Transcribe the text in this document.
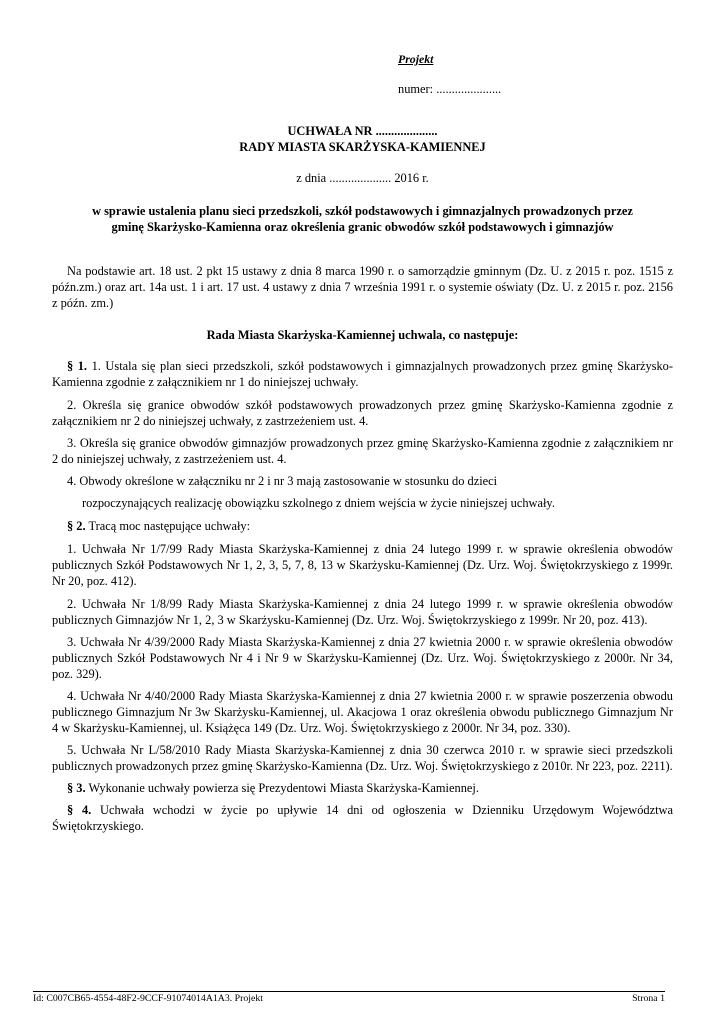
Projekt
numer: .....................
UCHWAŁA NR ....................
RADY MIASTA SKARŻYSKA-KAMIENNEJ
z dnia .................... 2016 r.
w sprawie ustalenia planu sieci przedszkoli, szkół podstawowych i gimnazjalnych prowadzonych przez
gminę Skarżysko-Kamienna oraz określenia granic obwodów szkół podstawowych i gimnazjów

Na podstawie art. 18 ust. 2 pkt 15 ustawy z dnia 8 marca 1990 r. o samorządzie gminnym (Dz. U. z 2015 r. poz. 1515 z późn.zm.) oraz art. 14a ust. 1 i art. 17 ust. 4 ustawy z dnia 7 września 1991 r. o systemie oświaty (Dz. U. z 2015 r. poz. 2156 z późn. zm.)

Rada Miasta Skarżyska-Kamiennej uchwala, co następuje:

§ 1. 1. Ustala się plan sieci przedszkoli, szkół podstawowych i gimnazjalnych prowadzonych przez gminę Skarżysko-Kamienna zgodnie z załącznikiem nr 1 do niniejszej uchwały.

2. Określa się granice obwodów szkół podstawowych prowadzonych przez gminę Skarżysko-Kamienna zgodnie z załącznikiem nr 2 do niniejszej uchwały, z zastrzeżeniem ust. 4.

3. Określa się granice obwodów gimnazjów prowadzonych przez gminę Skarżysko-Kamienna zgodnie z załącznikiem nr 2 do niniejszej uchwały, z zastrzeżeniem ust. 4.

4. Obwody określone w załączniku nr 2 i nr 3 mają zastosowanie w stosunku do dzieci

rozpoczynających realizację obowiązku szkolnego z dniem wejścia w życie niniejszej uchwały.

§ 2. Tracą moc następujące uchwały:

1. Uchwała Nr 1/7/99 Rady Miasta Skarżyska-Kamiennej z dnia 24 lutego 1999 r. w sprawie określenia obwodów publicznych Szkół Podstawowych Nr 1, 2, 3, 5, 7, 8, 13 w Skarżysku-Kamiennej (Dz. Urz. Woj. Świętokrzyskiego z 1999r. Nr 20, poz. 412).

2. Uchwała Nr 1/8/99 Rady Miasta Skarżyska-Kamiennej z dnia 24 lutego 1999 r. w sprawie określenia obwodów publicznych Gimnazjów Nr 1, 2, 3 w Skarżysku-Kamiennej (Dz. Urz. Woj. Świętokrzyskiego z 1999r. Nr 20, poz. 413).

3. Uchwała Nr 4/39/2000 Rady Miasta Skarżyska-Kamiennej z dnia 27 kwietnia 2000 r. w sprawie określenia obwodów publicznych Szkół Podstawowych Nr 4 i Nr 9 w Skarżysku-Kamiennej (Dz. Urz. Woj. Świętokrzyskiego z 2000r. Nr 34, poz. 329).

4. Uchwała Nr 4/40/2000 Rady Miasta Skarżyska-Kamiennej z dnia 27 kwietnia 2000 r. w sprawie poszerzenia obwodu publicznego Gimnazjum Nr 3w Skarżysku-Kamiennej, ul. Akacjowa 1 oraz określenia obwodu publicznego Gimnazjum Nr 4 w Skarżysku-Kamiennej, ul. Książęca 149 (Dz. Urz. Woj. Świętokrzyskiego z 2000r. Nr 34, poz. 330).

5. Uchwała Nr L/58/2010 Rady Miasta Skarżyska-Kamiennej z dnia 30 czerwca 2010 r. w sprawie sieci przedszkoli publicznych prowadzonych przez gminę Skarżysko-Kamienna (Dz. Urz. Woj. Świętokrzyskiego z 2010r. Nr 223, poz. 2211).

§ 3. Wykonanie uchwały powierza się Prezydentowi Miasta Skarżyska-Kamiennej.

§ 4. Uchwała wchodzi w życie po upływie 14 dni od ogłoszenia w Dzienniku Urzędowym Województwa Świętokrzyskiego.

Id: C007CB65-4554-48F2-9CCF-91074014A1A3. Projekt	Strona 1
